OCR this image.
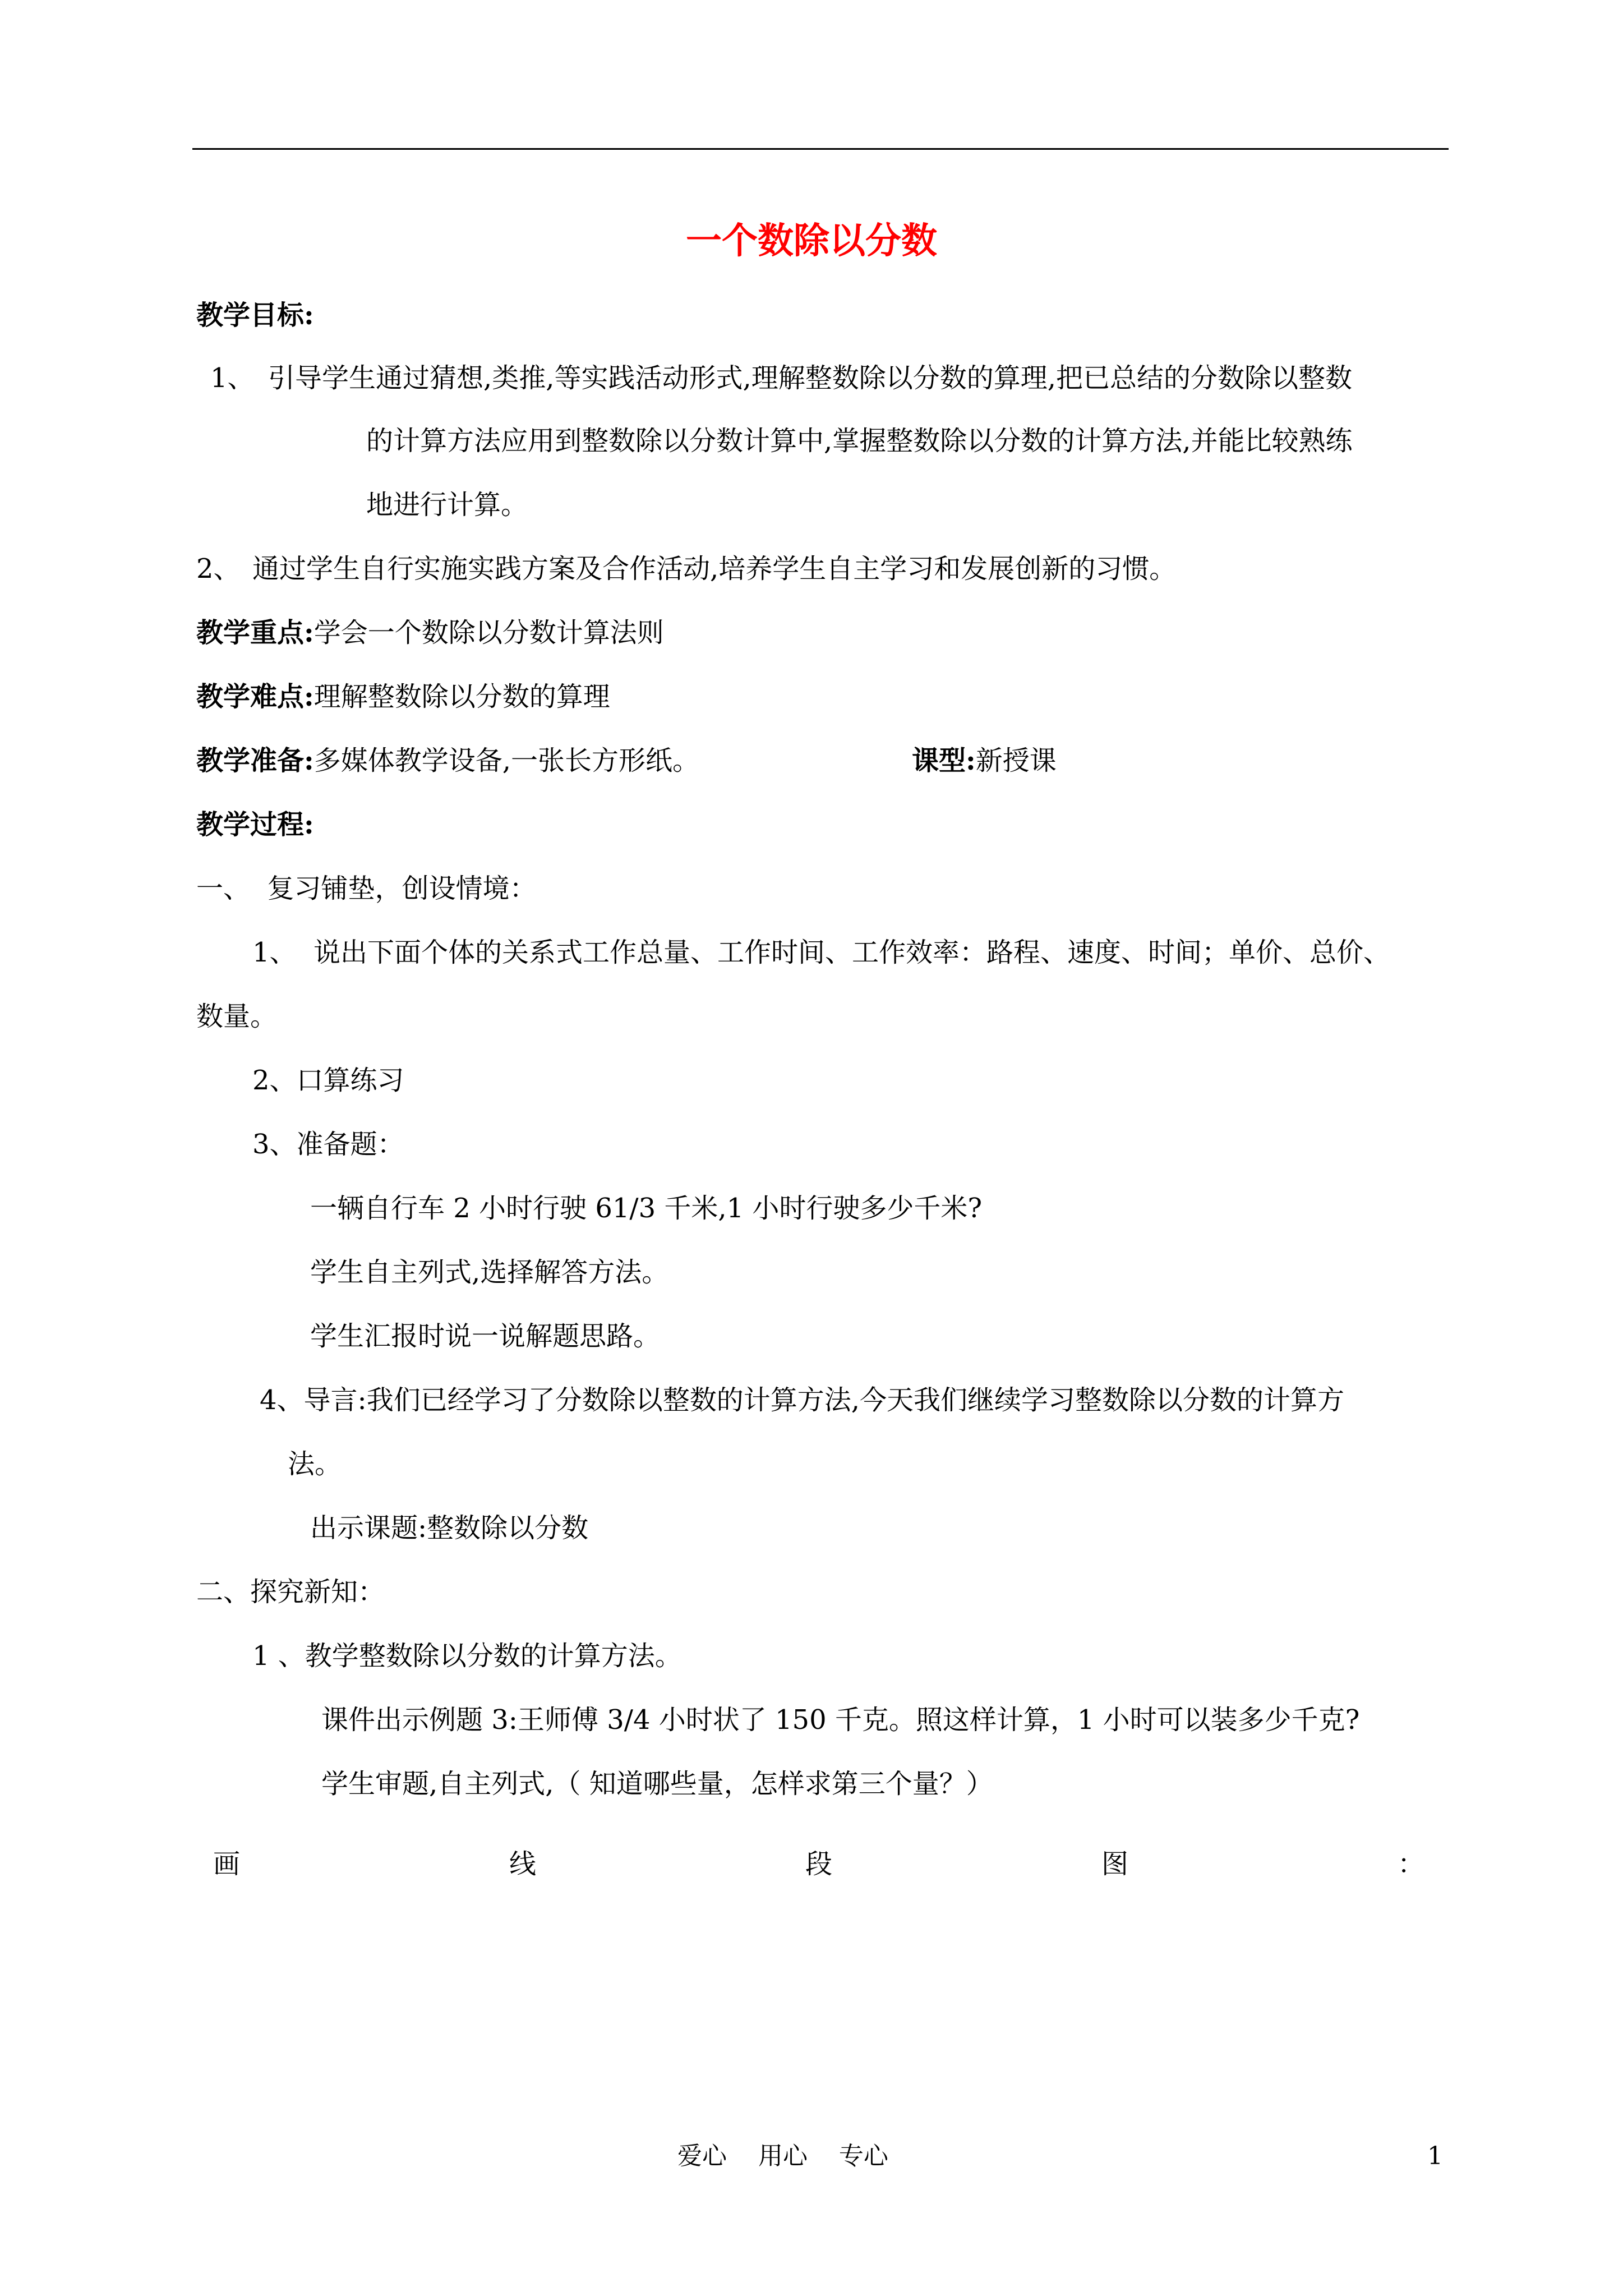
一个数除以分数
教学目标:
1、 引导学生通过猜想,类推,等实践活动形式,理解整数除以分数的算理,把已总结的分数除以整数
的计算方法应用到整数除以分数计算中,掌握整数除以分数的计算方法,并能比较熟练
地进行计算。
2、 通过学生自行实施实践方案及合作活动,培养学生自主学习和发展创新的习惯。
教学重点:学会一个数除以分数计算法则
教学难点:理解整数除以分数的算理
教学准备:多媒体教学设备,一张长方形纸。	课型:新授课
教学过程:
一、  复习铺垫，创设情境：
1、  说出下面个体的关系式工作总量、工作时间、工作效率：路程、速度、时间；单价、总价、
数量。
2、口算练习
3、准备题：
一辆自行车 2 小时行驶 61/3 千米,1 小时行驶多少千米?
学生自主列式,选择解答方法。
学生汇报时说一说解题思路。
4、导言:我们已经学习了分数除以整数的计算方法,今天我们继续学习整数除以分数的计算方
法。
出示课题:整数除以分数
二、探究新知：
1 、教学整数除以分数的计算方法。
课件出示例题 3:王师傅 3/4 小时状了 150 千克。照这样计算，1 小时可以装多少千克?
学生审题,自主列式,（ 知道哪些量，怎样求第三个量？）
画	线	段	图	：
爱心    用心    专心	1
